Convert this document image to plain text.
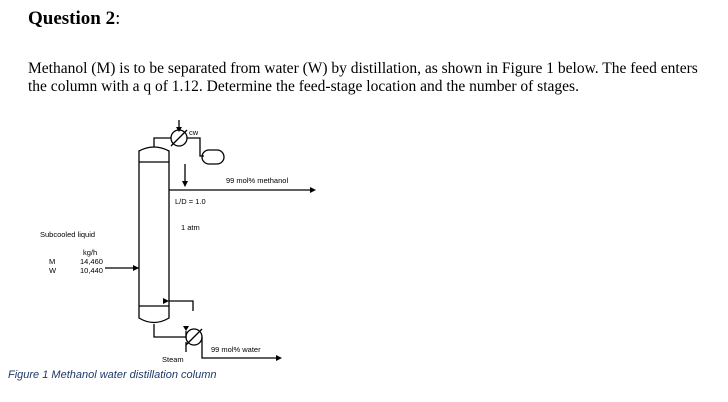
Question 2:
Methanol (M) is to be separated from water (W) by distillation, as shown in Figure 1 below. The feed enters
the column with a q of 1.12. Determine the feed-stage location and the number of stages.
cw
99 mol% methanol
L/D = 1.0
1 atm
Subcooled liquid
kg/h
M
W
14,460
10,440
99 mol% water
Steam
Figure 1 Methanol water distillation column
